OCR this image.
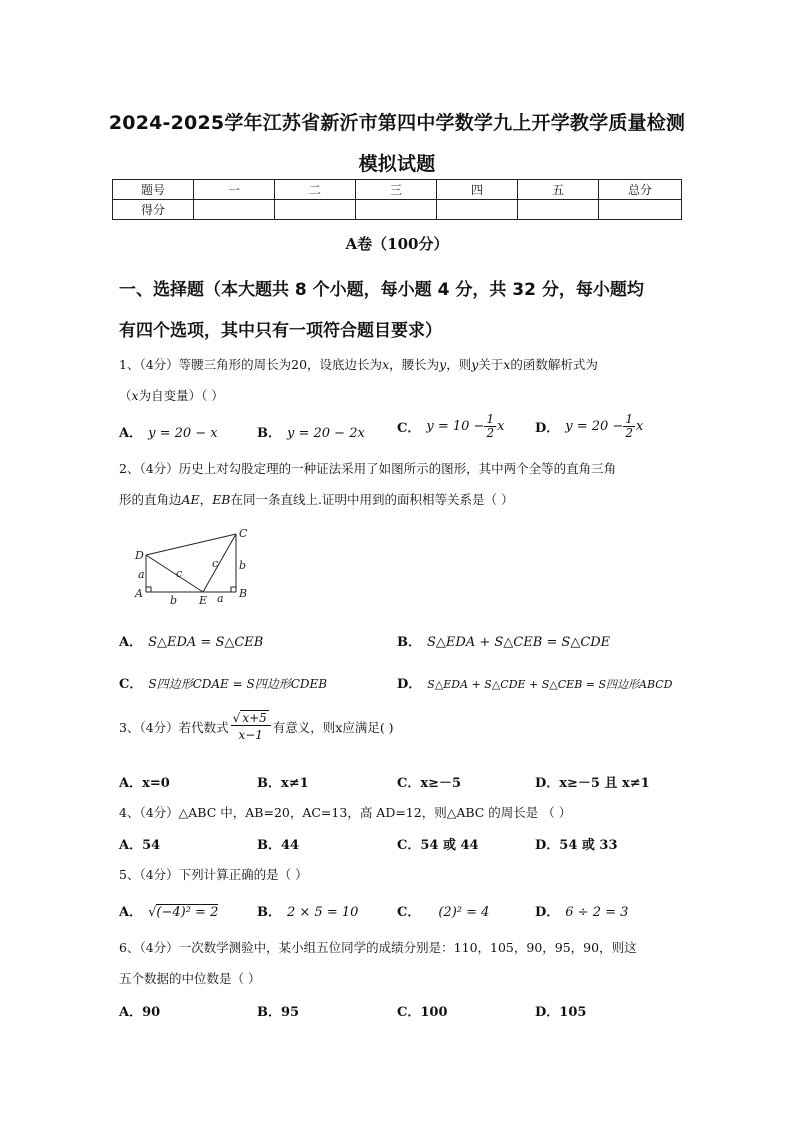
2024-2025学年江苏省新沂市第四中学数学九上开学教学质量检测
模拟试题
题号	一	二	三	四	五	总分
得分						
A卷（100分）
一、选择题（本大题共 8 个小题，每小题 4 分，共 32 分，每小题均
有四个选项，其中只有一项符合题目要求）
1、（4分）等腰三角形的周长为20，设底边长为x，腰长为y，则y关于x的函数解析式为
（x为自变量）（ ）
A． y = 20 − x	B． y = 20 − 2x C． $y = 10 - \frac{1}{2}$ x D． $y = 20 - \frac{1}{2}$ x
2、（4分）历史上对勾股定理的一种证法采用了如图所示的图形，其中两个全等的直角三角
形的直角边AE，EB在同一条直线上.证明中用到的面积相等关系是（ ）
D
C
A
E
B
a	c
c b
b	a
A． S△EDA = S△CEB	B． S△EDA + S△CEB = S△CDE
C． S四边形CDAE = S四边形CDEB	D． S△EDA + S△CDE + S△CEB = S四边形ABCD
3、（4分）若代数式 $\frac{√ x+5}{x-1}$ 有意义，则x应满足( )
A．x=0	B．x≠1	C．x≥－5	D．x≥－5 且 x≠1
4、（4分）△ABC 中，AB=20，AC=13，高 AD=12，则△ABC 的周长是 （ ）
A．54	B．44	C．54 或 44	D．54 或 33
5、（4分）下列计算正确的是（ ）
A． √(−4)² = 2	B． 2 × 5 = 10	C． (2)² = 4	D． 6 ÷ 2 = 3
6、（4分）一次数学测验中，某小组五位同学的成绩分别是：110，105，90，95，90，则这
五个数据的中位数是（ ）
A．90	B．95	C．100	D．105
